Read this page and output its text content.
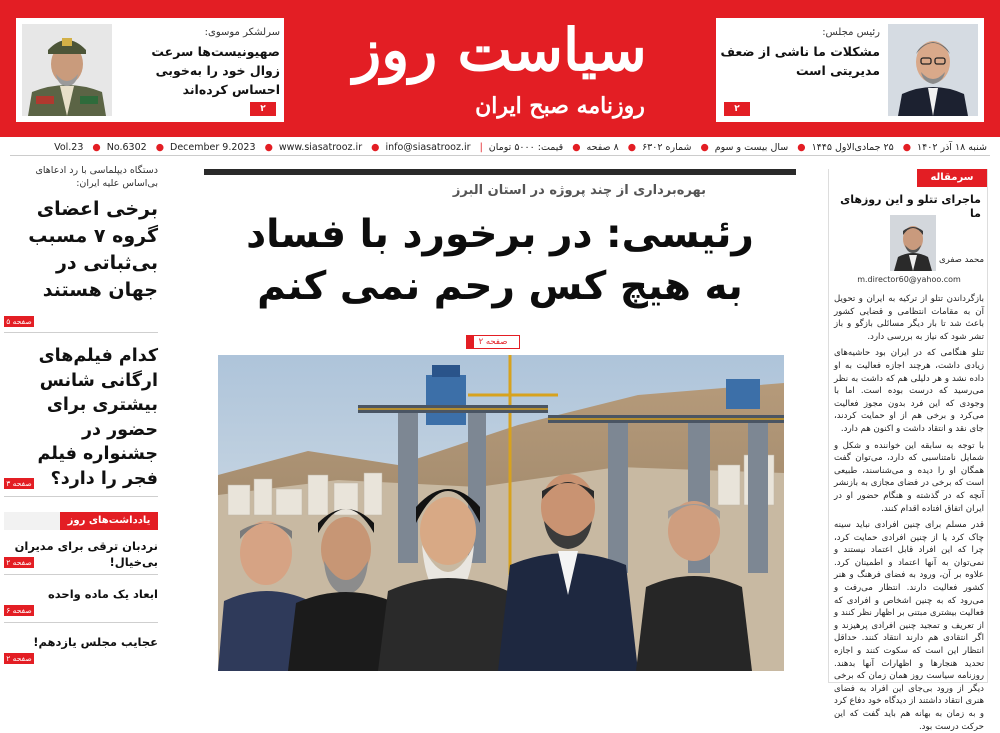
رئیس مجلس:
مشکلات ما ناشی از ضعف مدیریتی است
۲
سیاست روز
روزنامه صبح ایران
سرلشکر موسوی:
صهیونیست‌ها سرعت زوال خود را به‌خوبی احساس کرده‌اند
۲
شنبه ۱۸ آذر ۱۴۰۲● ۲۵ جمادی‌الاول ۱۴۴۵● سال بیست و سوم● شماره ۶۳۰۲● ۸ صفحه● قیمت: ۵۰۰۰ تومان| info@siasatrooz.ir● www.siasatrooz.ir● December 9.2023● No.6302● Vol.23
دستگاه دیپلماسی با رد ادعاهای بی‌اساس علیه ایران:
برخی اعضای گروه ۷ مسبب بی‌ثباتی در جهان هستند
صفحه ۵
کدام فیلم‌های ارگانی شانس بیشتری برای حضور در جشنواره فیلم فجر را دارد؟
صفحه ۳
یادداشت‌های روز
نردبان ترقی برای مدیران بی‌خیال!
صفحه ۲
ابعاد یک ماده واحده
صفحه ۶
عجایب مجلس یازدهم!
صفحه ۲
بهره‌برداری از چند پروژه در استان البرز
رئیسی: در برخورد با فساد به هیچ کس رحم نمی کنم
صفحه ۲
سرمقاله
ماجرای تتلو و این روزهای ما
محمد صفری
m.director60@yahoo.com

بازگرداندن تتلو از ترکیه به ایران و تحویل آن به مقامات انتظامی و قضایی کشور باعث شد تا بار دیگر مسائلی بازگو و باز تشر شود که نیاز به بررسی دارد.

تتلو هنگامی که در ایران بود حاشیه‌های زیادی داشت، هرچند اجازه فعالیت به او داده نشد و هر دلیلی هم که داشت به نظر می‌رسید که درست بوده است. اما با وجودی که این فرد بدون مجوز فعالیت می‌کرد و برخی هم از او حمایت کردند، جای نقد و انتقاد داشت و اکنون هم دارد.

با توجه به سابقه این خواننده و شکل و شمایل نامتناسبی که دارد، می‌توان گفت همگان او را دیده و می‌شناسند، طبیعی است که برخی در فضای مجازی به بازنشر آنچه که در گذشته و هنگام حضور او در ایران اتفاق افتاده اقدام کنند.

قدر مسلم برای چنین افرادی نباید سینه چاک کرد یا از چنین افرادی حمایت کرد، چرا که این افراد قابل اعتماد نیستند و نمی‌توان به آنها اعتماد و اطمینان کرد. علاوه بر آن، ورود به فضای فرهنگ و هنر کشور فعالیت دارند. انتظار می‌رفت و می‌رود که به چنین اشخاص و افرادی که فعالیت بیشتری مبتنی بر اظهار نظر کنند و از تعریف و تمجید چنین افرادی پرهیزند و اگر انتقادی هم دارند انتقاد کنند. حداقل انتظار این است که سکوت کنند و اجازه تحدید هنجارها و اظهارات آنها بدهند. روزنامه سیاست روز همان زمان که برخی دیگر از ورود بی‌جای این افراد به فضای هنری انتقاد داشتند از دیدگاه خود دفاع کرد و به زمان به بهانه هم باید گفت که این حرکت درست بود.
